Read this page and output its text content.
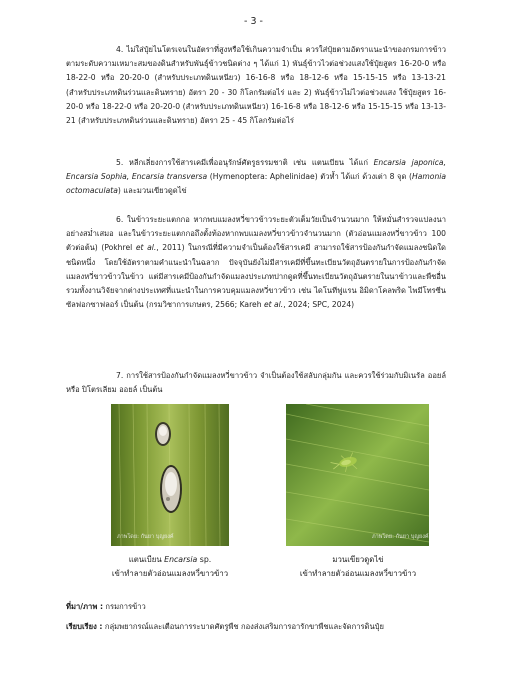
- 3 -

4. ไม่ใส่ปุ๋ยไนโตรเจนในอัตราที่สูงหรือใช้เกินความจำเป็น ควรใส่ปุ๋ยตามอัตราแนะนำของกรมการข้าวตามระดับความเหมาะสมของดินสำหรับพันธุ์ข้าวชนิดต่าง ๆ ได้แก่ 1) พันธุ์ข้าวไวต่อช่วงแสงใช้ปุ๋ยสูตร 16-20-0 หรือ 18-22-0 หรือ 20-20-0 (สำหรับประเภทดินเหนียว) 16-16-8 หรือ 18-12-6 หรือ 15-15-15 หรือ 13-13-21 (สำหรับประเภทดินร่วนและดินทราย) อัตรา 20 - 30 กิโลกรัมต่อไร่ และ 2) พันธุ์ข้าวไม่ไวต่อช่วงแสง ใช้ปุ๋ยสูตร 16-20-0 หรือ 18-22-0 หรือ 20-20-0 (สำหรับประเภทดินเหนียว) 16-16-8 หรือ 18-12-6 หรือ 15-15-15 หรือ 13-13-21 (สำหรับประเภทดินร่วนและดินทราย) อัตรา 25 - 45 กิโลกรัมต่อไร่

5. หลีกเลี่ยงการใช้สารเคมีเพื่ออนุรักษ์ศัตรูธรรมชาติ เช่น แตนเบียน ได้แก่ Encarsia japonica, Encarsia Sophia, Encarsia transversa (Hymenoptera: Aphelinidae) ตัวห้ำ ได้แก่ ด้วงเต่า 8 จุด (Hamonia octomaculata) และมวนเขียวดูดไข่

6. ในข้าวระยะแตกกอ หากพบแมลงหวี่ขาวข้าวระยะตัวเต็มวัยเป็นจำนวนมาก ให้หมั่นสำรวจแปลงนาอย่างสม่ำเสมอ และในข้าวระยะแตกกอถึงตั้งท้องหากพบแมลงหวี่ขาวข้าวจำนวนมาก (ตัวอ่อนแมลงหวี่ขาวข้าว 100 ตัวต่อต้น) (Pokhrel et al., 2011) ในกรณีที่มีความจำเป็นต้องใช้สารเคมี สามารถใช้สารป้องกันกำจัดแมลงชนิดใดชนิดหนึ่ง โดยใช้อัตราตามคำแนะนำในฉลาก ปัจจุบันยังไม่มีสารเคมีที่ขึ้นทะเบียนวัตถุอันตรายในการป้องกันกำจัดแมลงหวี่ขาวข้าวในข้าว แต่มีสารเคมีป้องกันกำจัดแมลงประเภทปากดูดที่ขึ้นทะเบียนวัตถุอันตรายในนาข้าวและพืชอื่น รวมทั้งงานวิจัยจากต่างประเทศที่แนะนำในการควบคุมแมลงหวี่ขาวข้าว เช่น ไดโนทีฟูแรน อิมิดาโคลพริด ไพมีโทรซีน ซัลฟอกซาฟลอร์ เป็นต้น (กรมวิชาการเกษตร, 2566; Kareh et al., 2024; SPC, 2024)

7. การใช้สารป้องกันกำจัดแมลงหวี่ขาวข้าว จำเป็นต้องใช้สลับกลุ่มกัน และควรใช้ร่วมกับมิเนรัล ออยล์ หรือ ปิโตรเลียม ออยล์ เป็นต้น

ภาพโดย: กันยา บุญยงค์	ภาพโดย: กันยา บุญยงค์
แตนเบียน Encarsia sp.
เข้าทำลายตัวอ่อนแมลงหวี่ขาวข้าว
มวนเขียวดูดไข่
เข้าทำลายตัวอ่อนแมลงหวี่ขาวข้าว
ที่มา/ภาพ : กรมการข้าว
เรียบเรียง : กลุ่มพยากรณ์และเตือนการระบาดศัตรูพืช กองส่งเสริมการอารักขาพืชและจัดการดินปุ๋ย
